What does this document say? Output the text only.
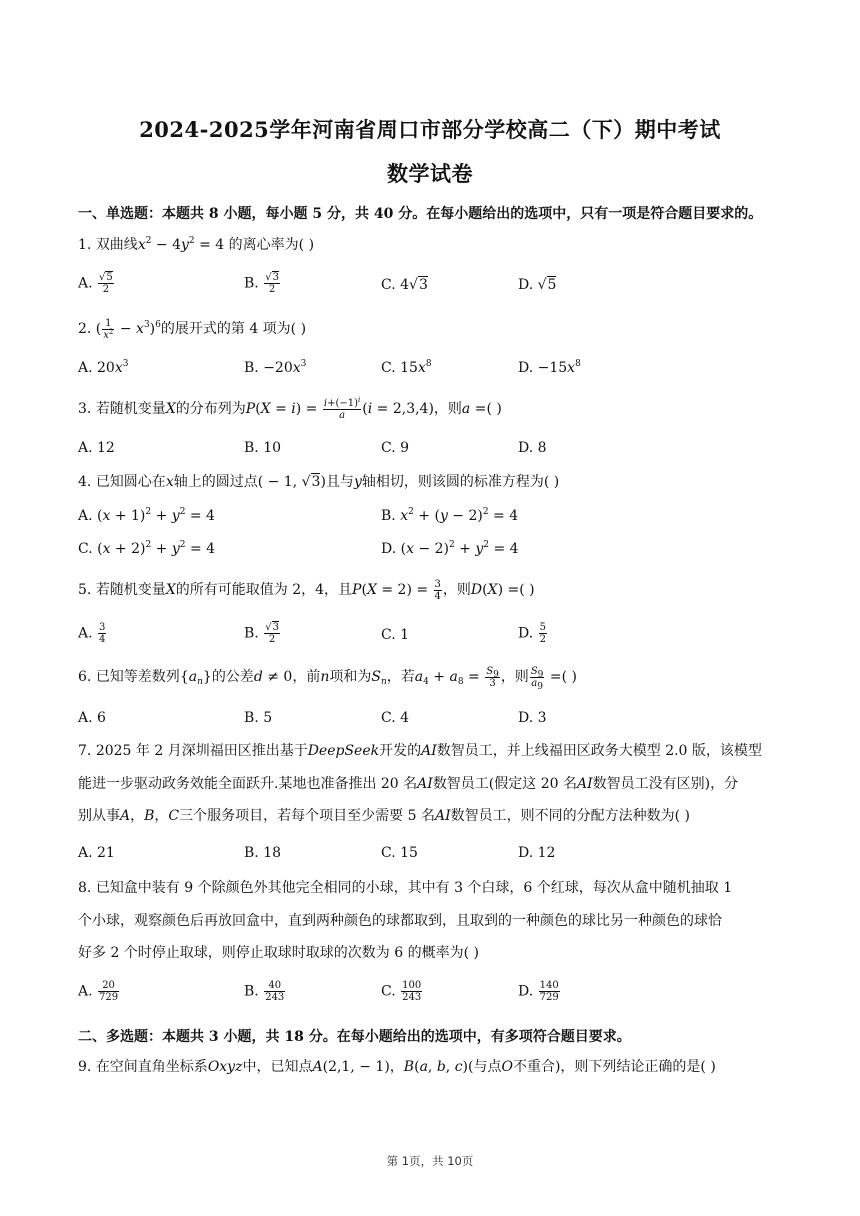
2024-2025学年河南省周口市部分学校高二（下）期中考试
数学试卷
一、单选题：本题共 8 小题，每小题 5 分，共 40 分。在每小题给出的选项中，只有一项是符合题目要求的。
1. 双曲线$x^2 - 4y^2 = 4$ 的离心率为( )
A. $\frac{√5}{2}$	B. $\frac{√3}{2}$	C. 4√3	D. √5
2. ( $\frac{1}{x^2} - x^3)^6$的展开式的第 4 项为( )
A. $20x^3$	B. $-20x^3$	C. $15x^8$	D. $-15x^8$
3. 若随机变量X的分布列为$P(X = i) = \frac{i+(-1)^i}{a} (i = 2,3,4)$，则a =( )
A. 12	B. 10	C. 9	D. 8
4. 已知圆心在x轴上的圆过点( − 1, √3)且与y轴相切，则该圆的标准方程为( )
A. $(x + 1)^2 + y^2 = 4$	B. $x^2 + (y - 2)^2 = 4$
C. $(x + 2)^2 + y^2 = 4$	D. $(x - 2)^2 + y^2 = 4$
5. 若随机变量X的所有可能取值为 2，4，且$P(X = 2) = \frac{3}{4}$ ，则D(X) =( )
A. $\frac{3}{4}$	B. $\frac{√3}{2}$	C. 1	D. $\frac{5}{2}$
6. 已知等差数列$\{a_n\}$的公差d ≠ 0，前n项和为$S_n$，若$a_4 + a_8 = \frac{S_9}{3}$ ，则 $\frac{S_9}{a_9}$ =( )
A. 6	B. 5	C. 4	D. 3
7. 2025 年 2 月深圳福田区推出基于DeepSeek开发的AI数智员工，并上线福田区政务大模型 2.0 版，该模型
能进一步驱动政务效能全面跃升.某地也准备推出 20 名AI数智员工(假定这 20 名AI数智员工没有区别)，分
别从事A，B，C三个服务项目，若每个项目至少需要 5 名AI数智员工，则不同的分配方法种数为( )
A. 21	B. 18	C. 15	D. 12
8. 已知盒中装有 9 个除颜色外其他完全相同的小球，其中有 3 个白球，6 个红球，每次从盒中随机抽取 1
个小球，观察颜色后再放回盒中，直到两种颜色的球都取到，且取到的一种颜色的球比另一种颜色的球恰
好多 2 个时停止取球，则停止取球时取球的次数为 6 的概率为( )
A. $\frac{20}{729}$	B. $\frac{40}{243}$	C. $\frac{100}{243}$	D. $\frac{140}{729}$
二、多选题：本题共 3 小题，共 18 分。在每小题给出的选项中，有多项符合题目要求。
9. 在空间直角坐标系Oxyz中，已知点A(2,1, − 1)，B(a, b, c)(与点O不重合)，则下列结论正确的是( )
第 1页，共 10页
